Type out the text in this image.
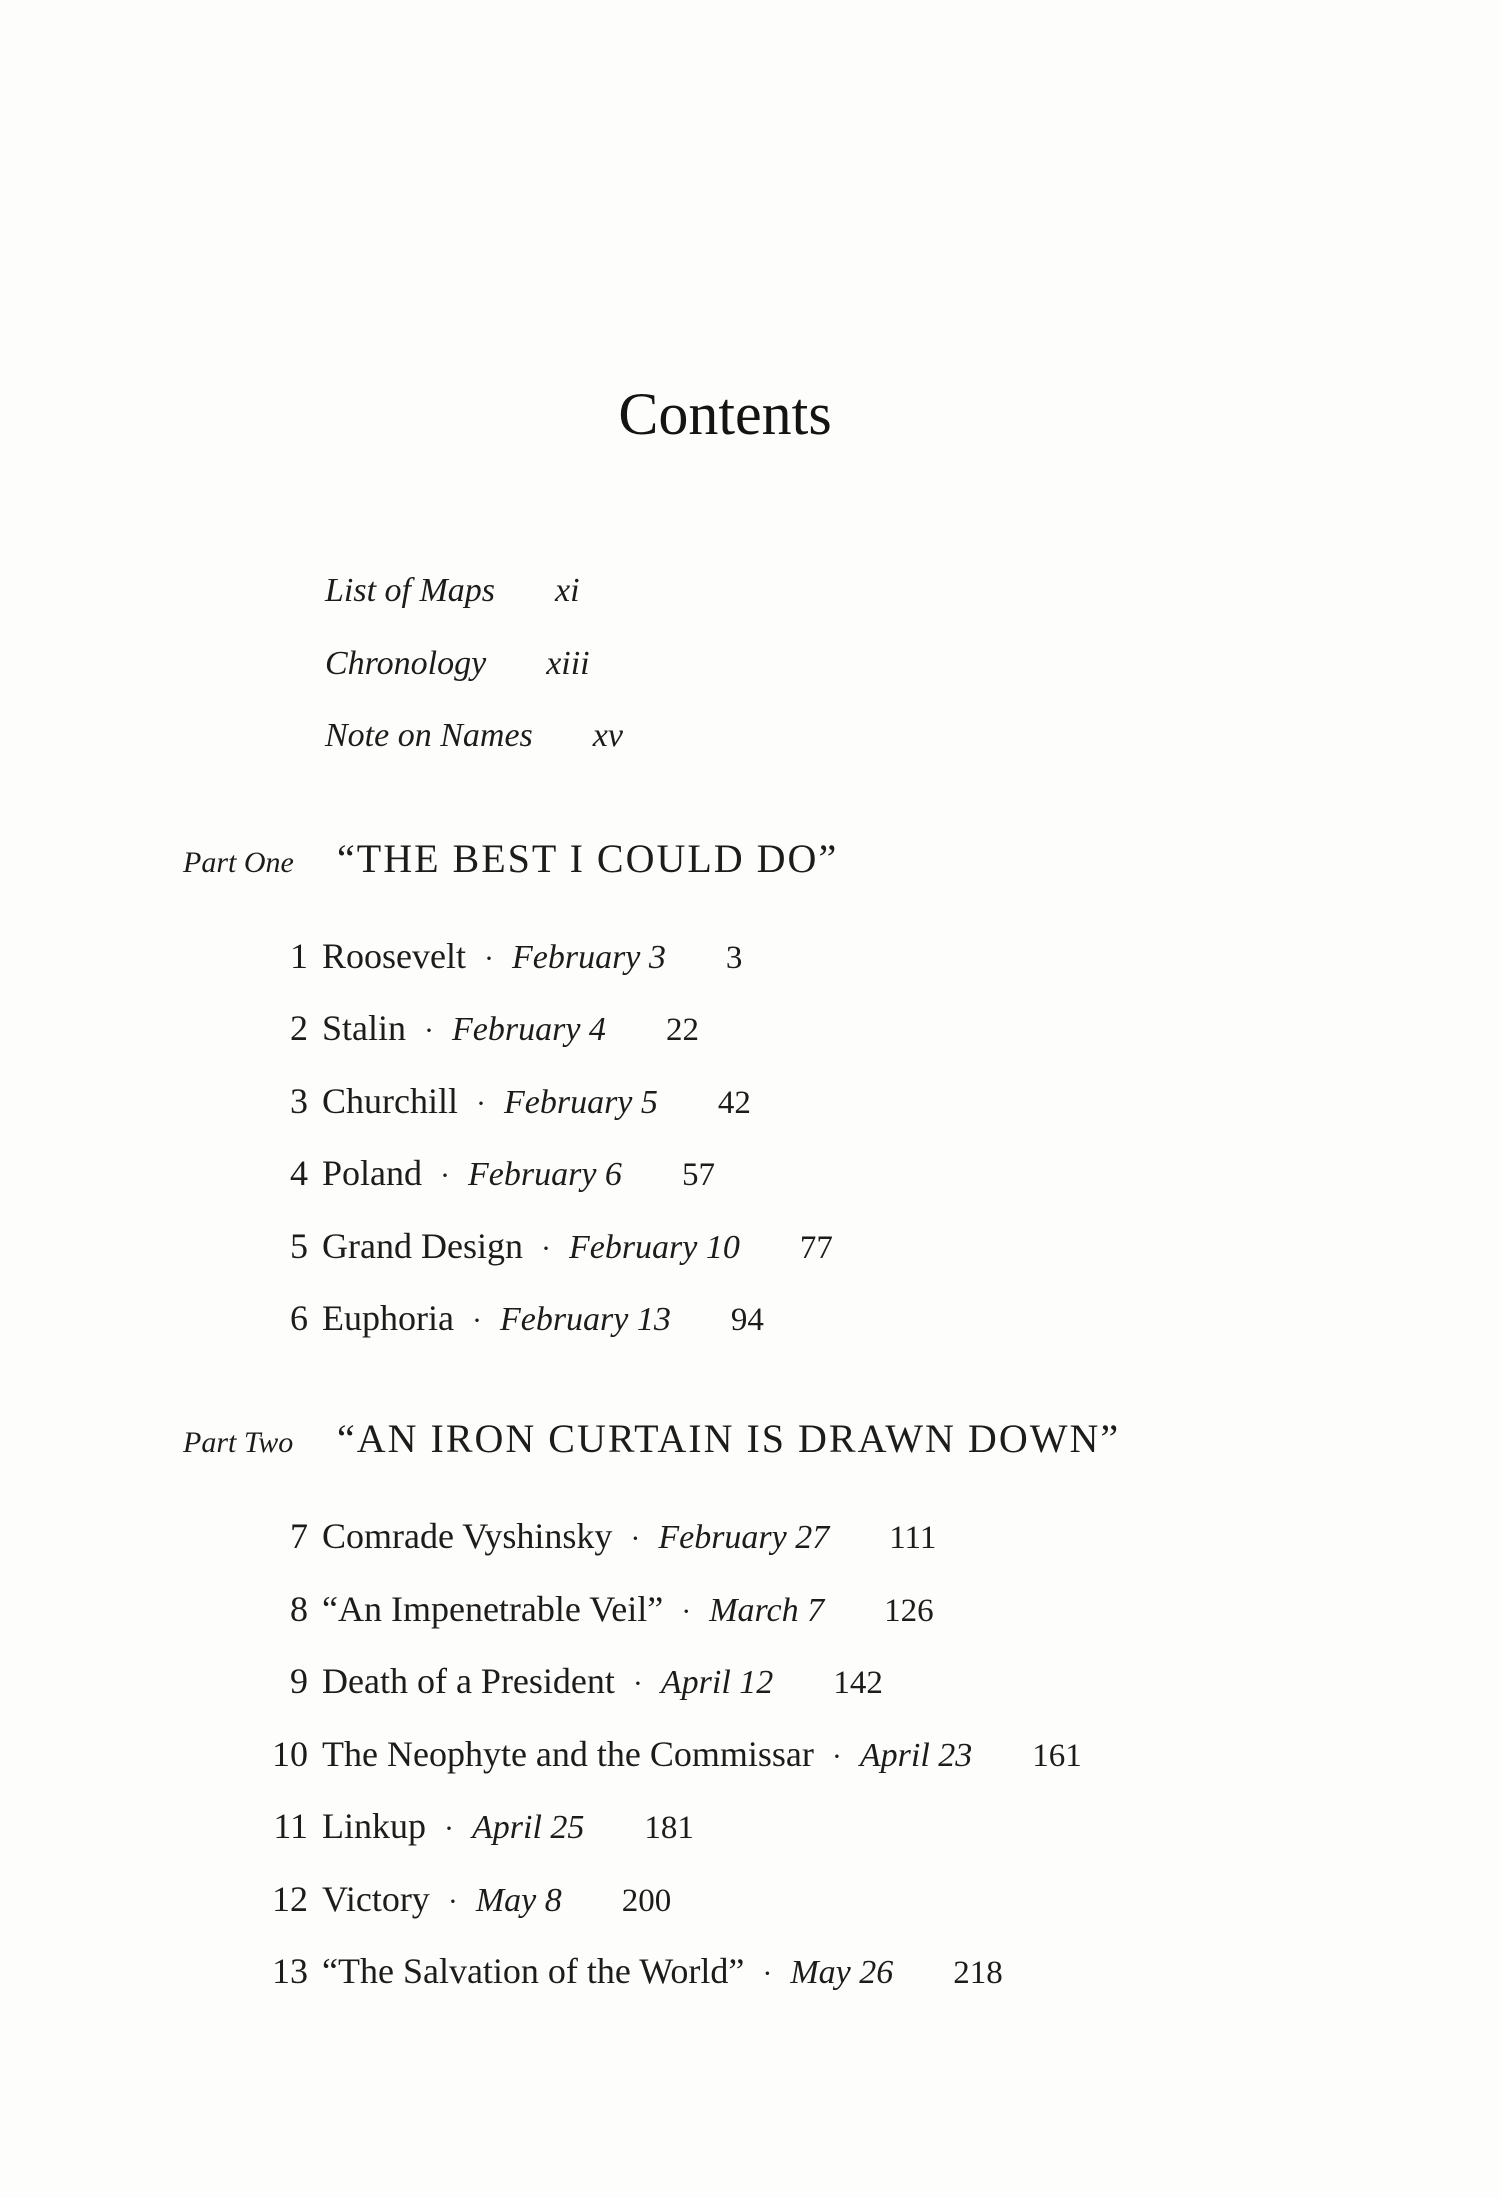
Contents
List of Maps xi
Chronology xiii
Note on Names xv
Part One	“THE BEST I COULD DO”
1 Roosevelt · February 3 3
2 Stalin · February 4 22
3 Churchill · February 5 42
4 Poland · February 6 57
5 Grand Design · February 10 77
6 Euphoria · February 13 94
Part Two	“AN IRON CURTAIN IS DRAWN DOWN”
7 Comrade Vyshinsky · February 27 111
8 “An Impenetrable Veil” · March 7 126
9 Death of a President · April 12 142
10 The Neophyte and the Commissar · April 23 161
11 Linkup · April 25 181
12 Victory · May 8 200
13 “The Salvation of the World” · May 26 218
